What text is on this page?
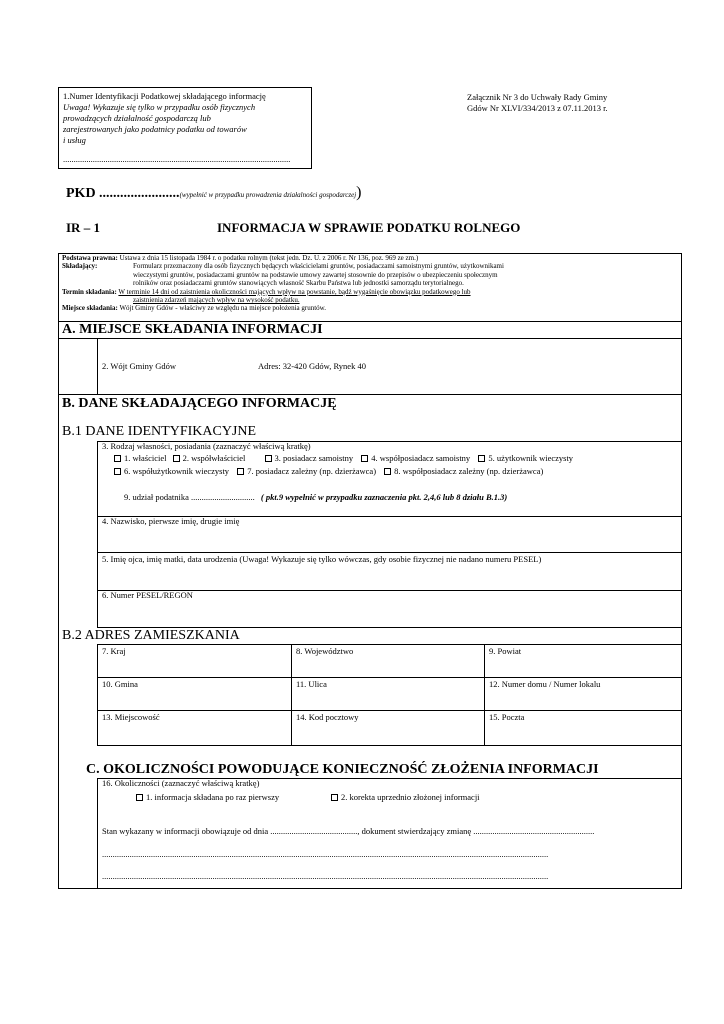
1.Numer Identyfikacji Podatkowej składającego informację
Uwaga! Wykazuje się tylko w przypadku osób fizycznych
prowadzących działalność gospodarczą lub
zarejestrowanych jako podatnicy podatku od towarów
i usług
...........................................................................................................
Załącznik Nr 3 do Uchwały Rady Gminy
Gdów Nr XLVI/334/2013 z 07.11.2013 r.
PKD .......................(wypełnić w przypadku prowadzenia działalności gospodarczej)
IR – 1	INFORMACJA W SPRAWIE PODATKU ROLNEGO
Podstawa prawna: Ustawa z dnia 15 listopada 1984 r. o podatku rolnym (tekst jedn. Dz. U. z 2006 r. Nr 136, poz. 969 ze zm.)
Składający:	Formularz przeznaczony dla osób fizycznych będących właścicielami gruntów, posiadaczami samoistnymi gruntów, użytkownikami
wieczystymi gruntów, posiadaczami gruntów na podstawie umowy zawartej stosownie do przepisów o ubezpieczeniu społecznym
rolników oraz posiadaczami gruntów stanowiących własność Skarbu Państwa lub jednostki samorządu terytorialnego.
Termin składania: W terminie 14 dni od zaistnienia okoliczności mających wpływ na powstanie, bądź wygaśnięcie obowiązku podatkowego lub
zaistnienia zdarzeń mających wpływ na wysokość podatku.
Miejsce składania: Wójt Gminy Gdów - właściwy ze względu na miejsce położenia gruntów.
A. MIEJSCE SKŁADANIA INFORMACJI
2. Wójt Gminy Gdów	Adres: 32-420 Gdów, Rynek 40
B. DANE SKŁADAJĄCEGO INFORMACJĘ
B.1 DANE IDENTYFIKACYJNE
3. Rodzaj własności, posiadania (zaznaczyć właściwą kratkę)
1. właściciel 2. współwłaściciel	3. posiadacz samoistny 4. współposiadacz samoistny 5. użytkownik wieczysty
6. współużytkownik wieczysty 7. posiadacz zależny (np. dzierżawca) 8. współposiadacz zależny (np. dzierżawca)
9. udział podatnika .............................. ( pkt.9 wypełnić w przypadku zaznaczenia pkt. 2,4,6 lub 8 działu B.1.3)
4. Nazwisko, pierwsze imię, drugie imię
5. Imię ojca, imię matki, data urodzenia (Uwaga! Wykazuje się tylko wówczas, gdy osobie fizycznej nie nadano numeru PESEL)
6. Numer PESEL/REGON
B.2 ADRES ZAMIESZKANIA
7. Kraj	8. Województwo	9. Powiat
10. Gmina	11. Ulica	12. Numer domu / Numer lokalu
13. Miejscowość	14. Kod pocztowy	15. Poczta
C. OKOLICZNOŚCI POWODUJĄCE KONIECZNOŚĆ ZŁOŻENIA INFORMACJI
16. Okoliczności (zaznaczyć właściwą kratkę)
1. informacja składana po raz pierwszy	2. korekta uprzednio złożonej informacji
Stan wykazany w informacji obowiązuje od dnia ........................................., dokument stwierdzający zmianę .........................................................
..................................................................................................................................................................................................................
..................................................................................................................................................................................................................
